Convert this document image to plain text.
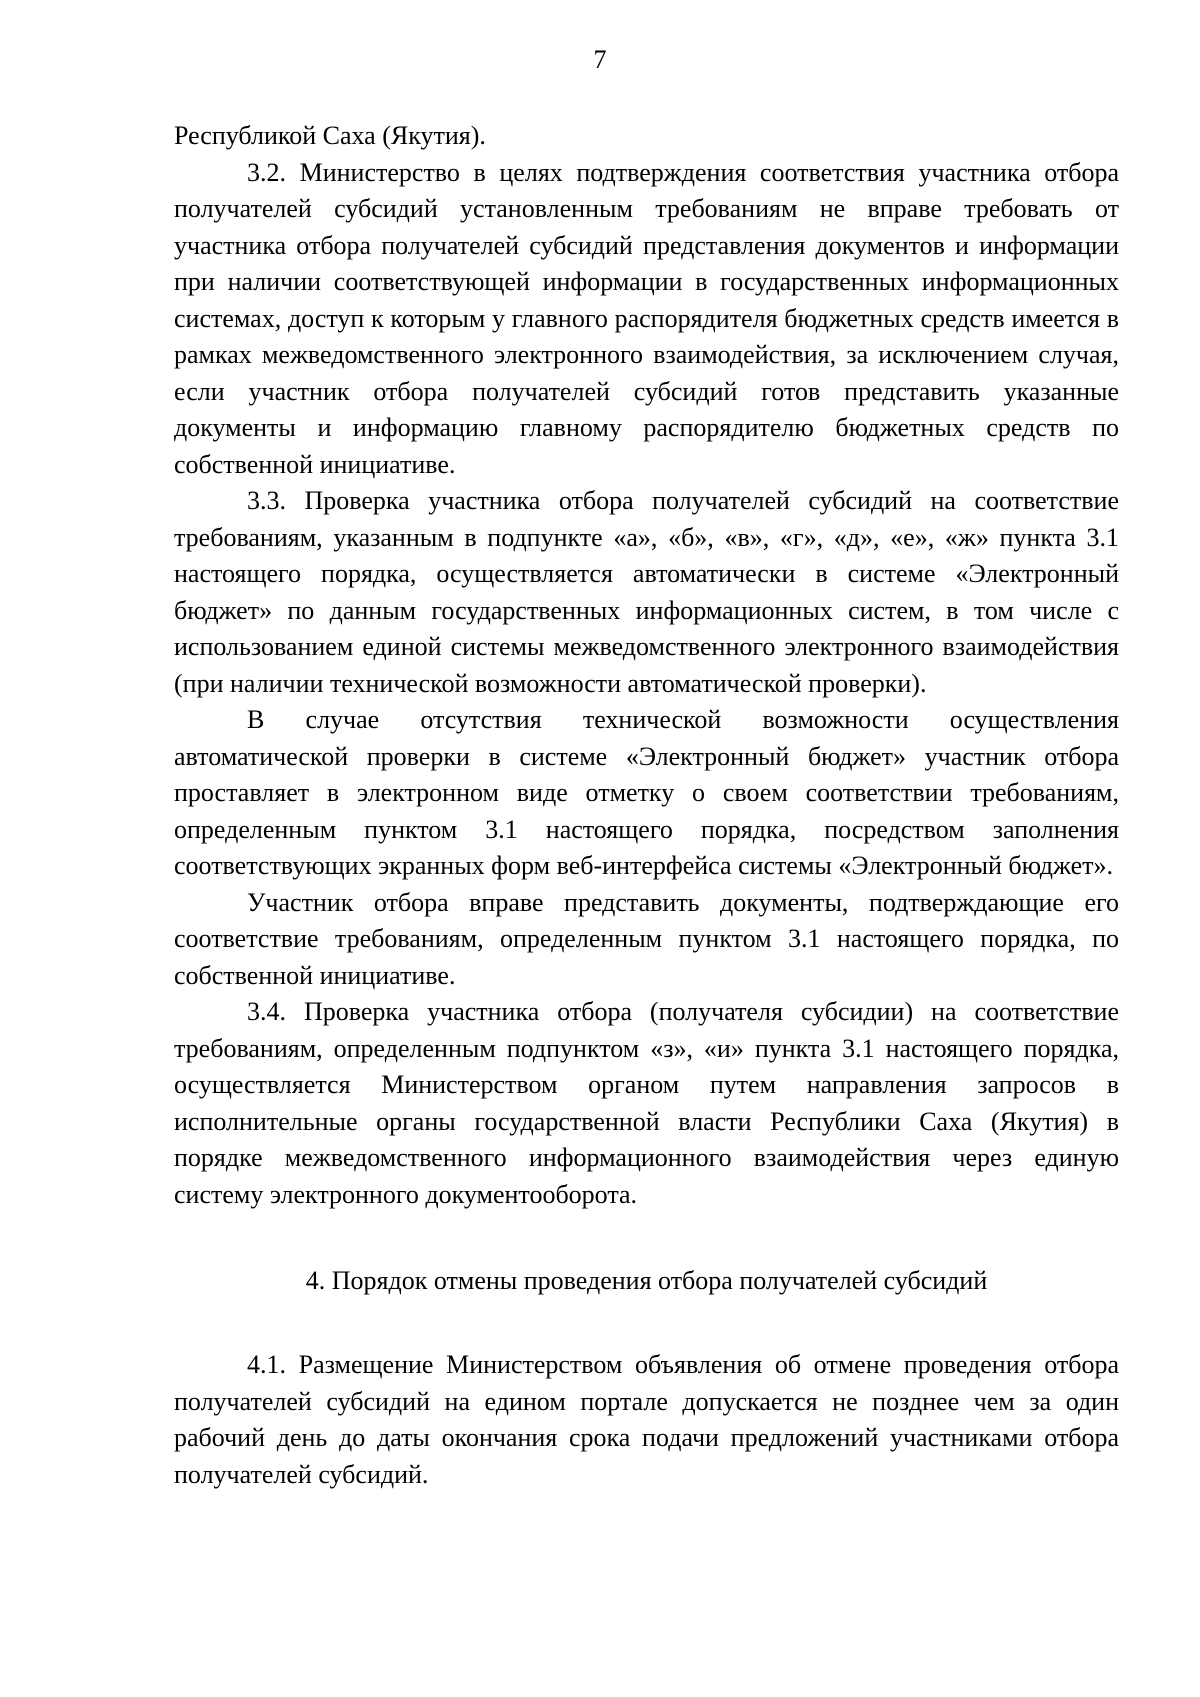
7

Республикой Саха (Якутия).

3.2. Министерство в целях подтверждения соответствия участника отбора получателей субсидий установленным требованиям не вправе требовать от участника отбора получателей субсидий представления документов и информации при наличии соответствующей информации в государственных информационных системах, доступ к которым у главного распорядителя бюджетных средств имеется в рамках межведомственного электронного взаимодействия, за исключением случая, если участник отбора получателей субсидий готов представить указанные документы и информацию главному распорядителю бюджетных средств по собственной инициативе.

3.3. Проверка участника отбора получателей субсидий на соответствие требованиям, указанным в подпункте «а», «б», «в», «г», «д», «е», «ж» пункта 3.1 настоящего порядка, осуществляется автоматически в системе «Электронный бюджет» по данным государственных информационных систем, в том числе с использованием единой системы межведомственного электронного взаимодействия (при наличии технической возможности автоматической проверки).

В случае отсутствия технической возможности осуществления автоматической проверки в системе «Электронный бюджет» участник отбора проставляет в электронном виде отметку о своем соответствии требованиям, определенным пунктом 3.1 настоящего порядка, посредством заполнения соответствующих экранных форм веб-интерфейса системы «Электронный бюджет».

Участник отбора вправе представить документы, подтверждающие его соответствие требованиям, определенным пунктом 3.1 настоящего порядка, по собственной инициативе.

3.4. Проверка участника отбора (получателя субсидии) на соответствие требованиям, определенным подпунктом «з», «и» пункта 3.1 настоящего порядка, осуществляется Министерством органом путем направления запросов в исполнительные органы государственной власти Республики Саха (Якутия) в порядке межведомственного информационного взаимодействия через единую систему электронного документооборота.

4. Порядок отмены проведения отбора получателей субсидий

4.1. Размещение Министерством объявления об отмене проведения отбора получателей субсидий на едином портале допускается не позднее чем за один рабочий день до даты окончания срока подачи предложений участниками отбора получателей субсидий.
